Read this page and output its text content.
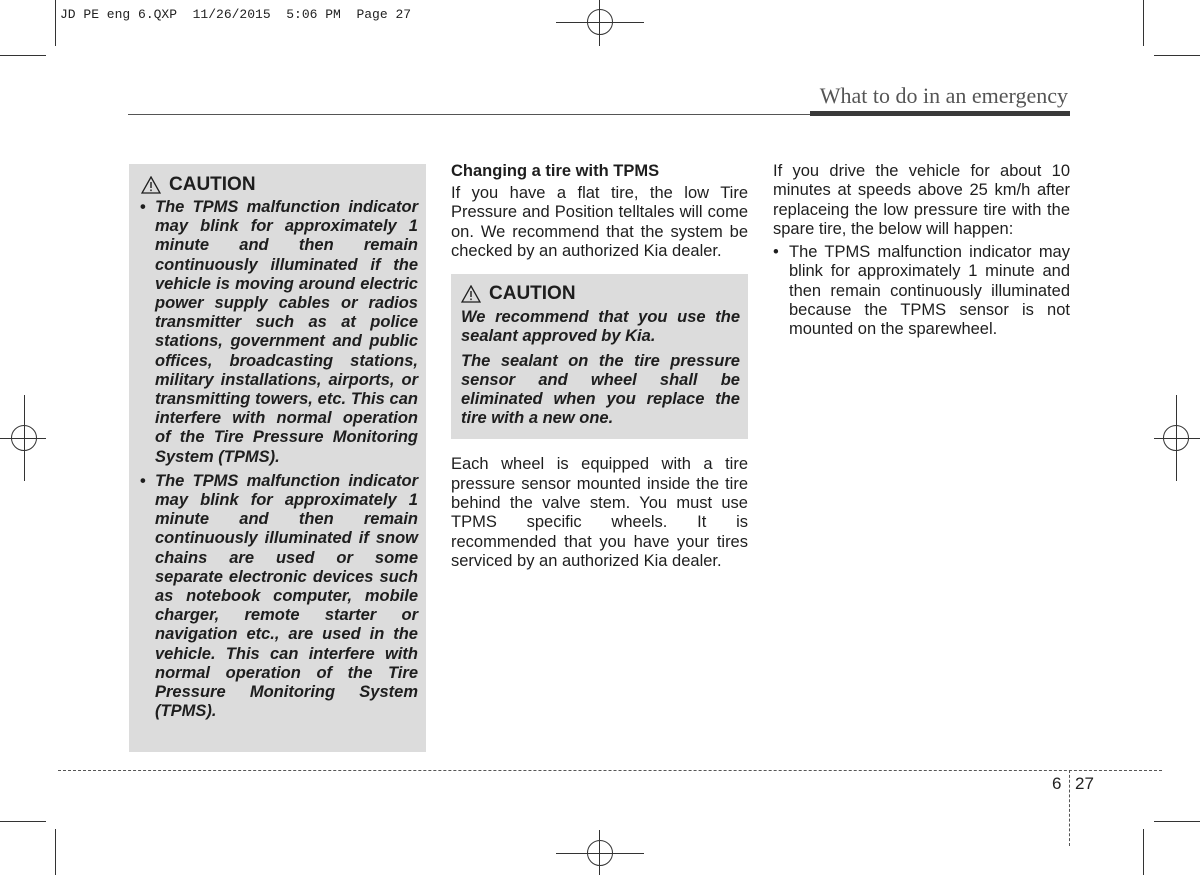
JD PE eng 6.QXP  11/26/2015  5:06 PM  Page 27
What to do in an emergency
CAUTION
• The TPMS malfunction indicator may blink for approximately 1 minute and then remain continuously illuminated if the vehicle is moving around electric power supply cables or radios transmitter such as at police stations, government and public offices, broadcasting stations, military installations, airports, or transmitting towers, etc. This can interfere with normal operation of the Tire Pressure Monitoring System (TPMS).
• The TPMS malfunction indicator may blink for approximately 1 minute and then remain continuously illuminated if snow chains are used or some separate electronic devices such as notebook computer, mobile charger, remote starter or navigation etc., are used in the vehicle. This can interfere with normal operation of the Tire Pressure Monitoring System (TPMS).
Changing a tire with TPMS
If you have a flat tire, the low Tire Pressure and Position telltales will come on. We recommend that the system be checked by an authorized Kia dealer.
CAUTION
We recommend that you use the sealant approved by Kia.
The sealant on the tire pressure sensor and wheel shall be eliminated when you replace the tire with a new one.
Each wheel is equipped with a tire pressure sensor mounted inside the tire behind the valve stem. You must use TPMS specific wheels. It is recommended that you have your tires serviced by an authorized Kia dealer.
If you drive the vehicle for about 10 minutes at speeds above 25 km/h after replaceing the low pressure tire with the spare tire, the below will happen:
• The TPMS malfunction indicator may blink for approximately 1 minute and then remain continuously illuminated because the TPMS sensor is not mounted on the sparewheel.
6 27
